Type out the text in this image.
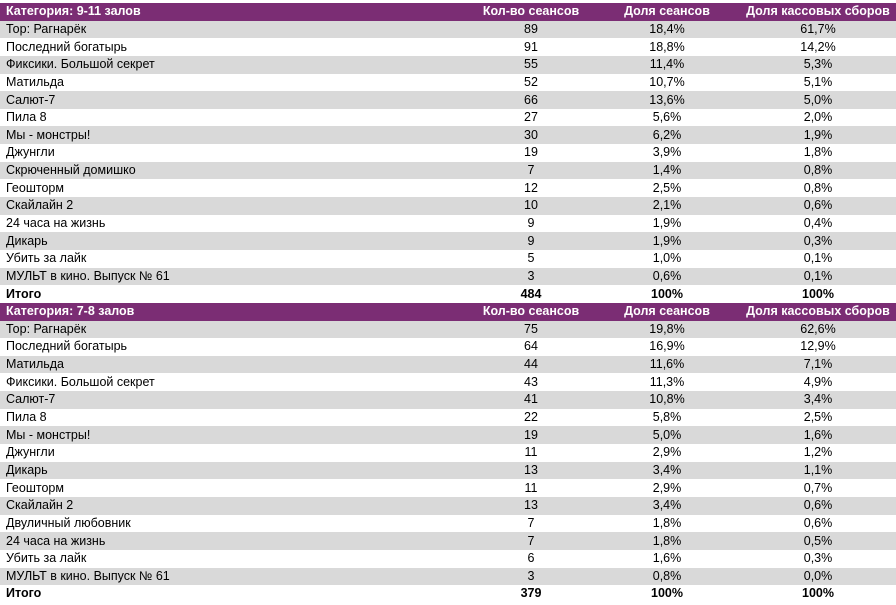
Категория: 9-11 залов	Кол-во сеансов	Доля сеансов	Доля кассовых сборов
Тор: Рагнарёк	89	18,4%	61,7%
Последний богатырь	91	18,8%	14,2%
Фиксики. Большой секрет	55	11,4%	5,3%
Матильда	52	10,7%	5,1%
Салют-7	66	13,6%	5,0%
Пила 8	27	5,6%	2,0%
Мы - монстры!	30	6,2%	1,9%
Джунгли	19	3,9%	1,8%
Скрюченный домишко	7	1,4%	0,8%
Геошторм	12	2,5%	0,8%
Скайлайн 2	10	2,1%	0,6%
24 часа на жизнь	9	1,9%	0,4%
Дикарь	9	1,9%	0,3%
Убить за лайк	5	1,0%	0,1%
МУЛЬТ в кино. Выпуск № 61	3	0,6%	0,1%
Итого	484	100%	100%
Категория: 7-8 залов	Кол-во сеансов	Доля сеансов	Доля кассовых сборов
Тор: Рагнарёк	75	19,8%	62,6%
Последний богатырь	64	16,9%	12,9%
Матильда	44	11,6%	7,1%
Фиксики. Большой секрет	43	11,3%	4,9%
Салют-7	41	10,8%	3,4%
Пила 8	22	5,8%	2,5%
Мы - монстры!	19	5,0%	1,6%
Джунгли	11	2,9%	1,2%
Дикарь	13	3,4%	1,1%
Геошторм	11	2,9%	0,7%
Скайлайн 2	13	3,4%	0,6%
Двуличный любовник	7	1,8%	0,6%
24 часа на жизнь	7	1,8%	0,5%
Убить за лайк	6	1,6%	0,3%
МУЛЬТ в кино. Выпуск № 61	3	0,8%	0,0%
Итого	379	100%	100%
